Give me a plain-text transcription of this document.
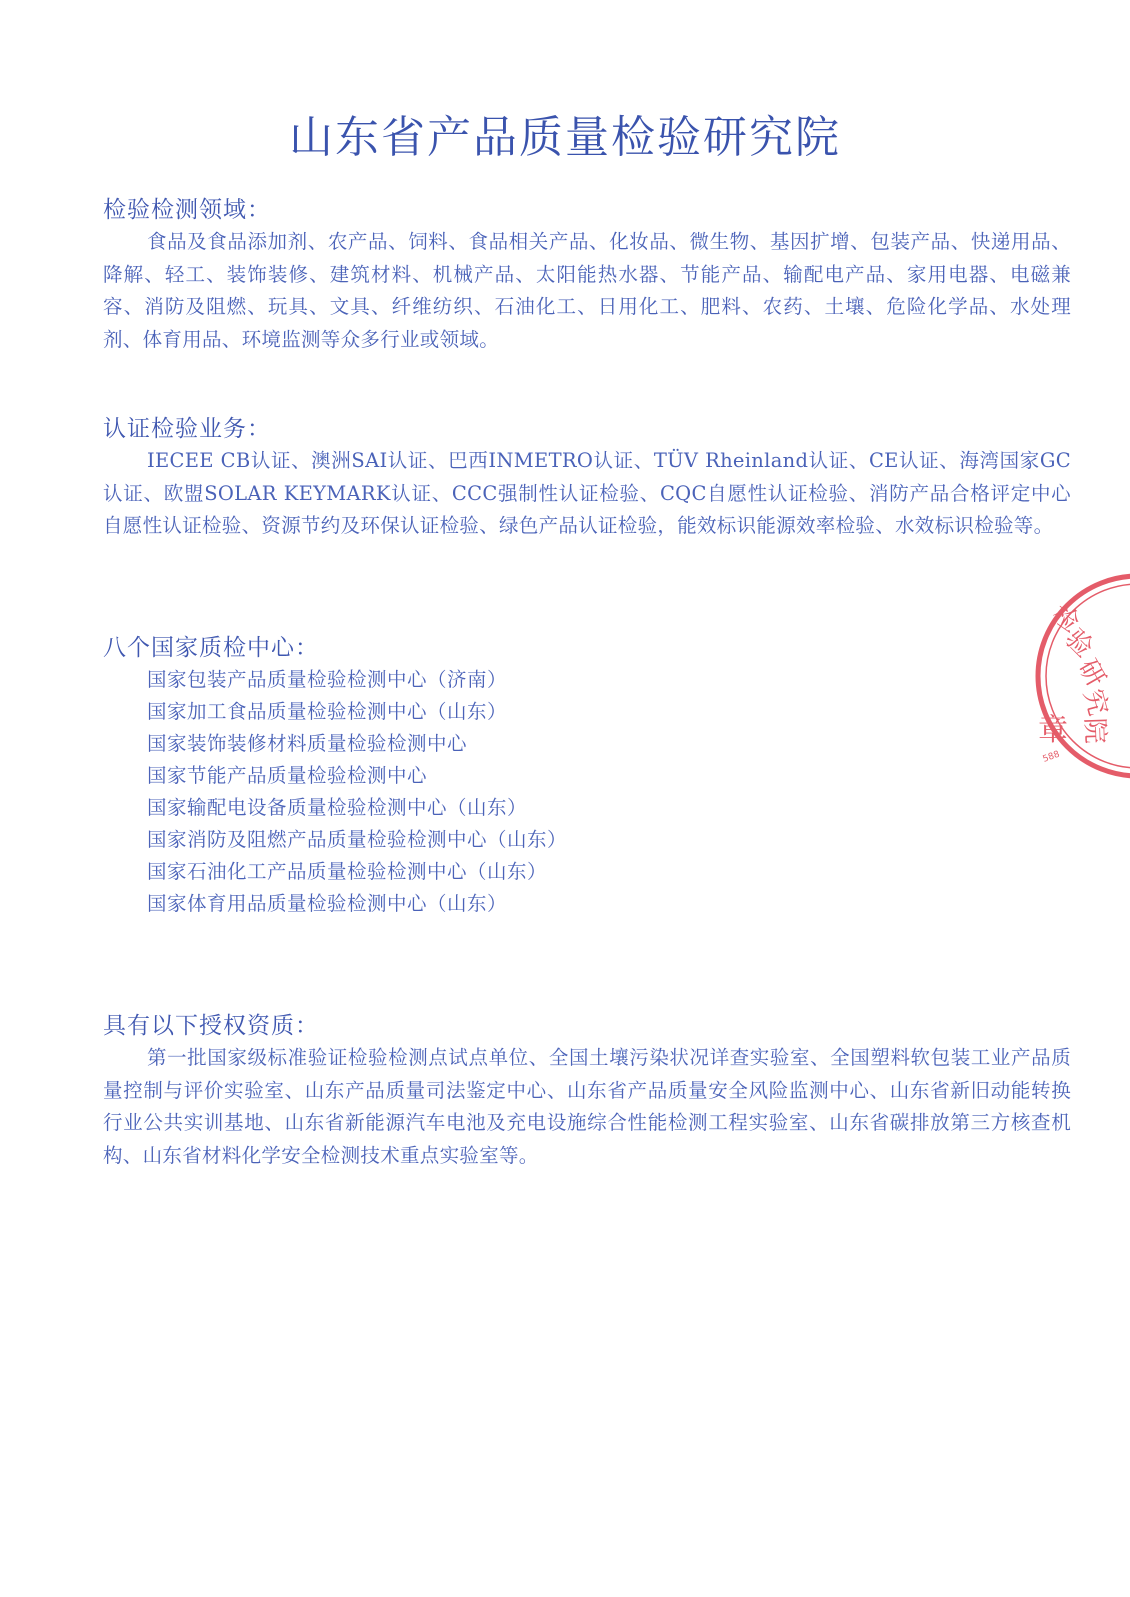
山东省产品质量检验研究院
检验检测领域：
食品及食品添加剂、农产品、饲料、食品相关产品、化妆品、微生物、基因扩增、包装产品、快递用品、降解、轻工、装饰装修、建筑材料、机械产品、太阳能热水器、节能产品、输配电产品、家用电器、电磁兼容、消防及阻燃、玩具、文具、纤维纺织、石油化工、日用化工、肥料、农药、土壤、危险化学品、水处理剂、体育用品、环境监测等众多行业或领域。
认证检验业务：
IECEE CB认证、澳洲SAI认证、巴西INMETRO认证、TÜV Rheinland认证、CE认证、海湾国家GC认证、欧盟SOLAR KEYMARK认证、CCC强制性认证检验、CQC自愿性认证检验、消防产品合格评定中心自愿性认证检验、资源节约及环保认证检验、绿色产品认证检验，能效标识能源效率检验、水效标识检验等。
八个国家质检中心：
国家包装产品质量检验检测中心（济南）
国家加工食品质量检验检测中心（山东）
国家装饰装修材料质量检验检测中心
国家节能产品质量检验检测中心
国家输配电设备质量检验检测中心（山东）
国家消防及阻燃产品质量检验检测中心（山东）
国家石油化工产品质量检验检测中心（山东）
国家体育用品质量检验检测中心（山东）
具有以下授权资质：
第一批国家级标准验证检验检测点试点单位、全国土壤污染状况详查实验室、全国塑料软包装工业产品质量控制与评价实验室、山东产品质量司法鉴定中心、山东省产品质量安全风险监测中心、山东省新旧动能转换行业公共实训基地、山东省新能源汽车电池及充电设施综合性能检测工程实验室、山东省碳排放第三方核查机构、山东省材料化学安全检测技术重点实验室等。
检
验
研
究
院
章
588
